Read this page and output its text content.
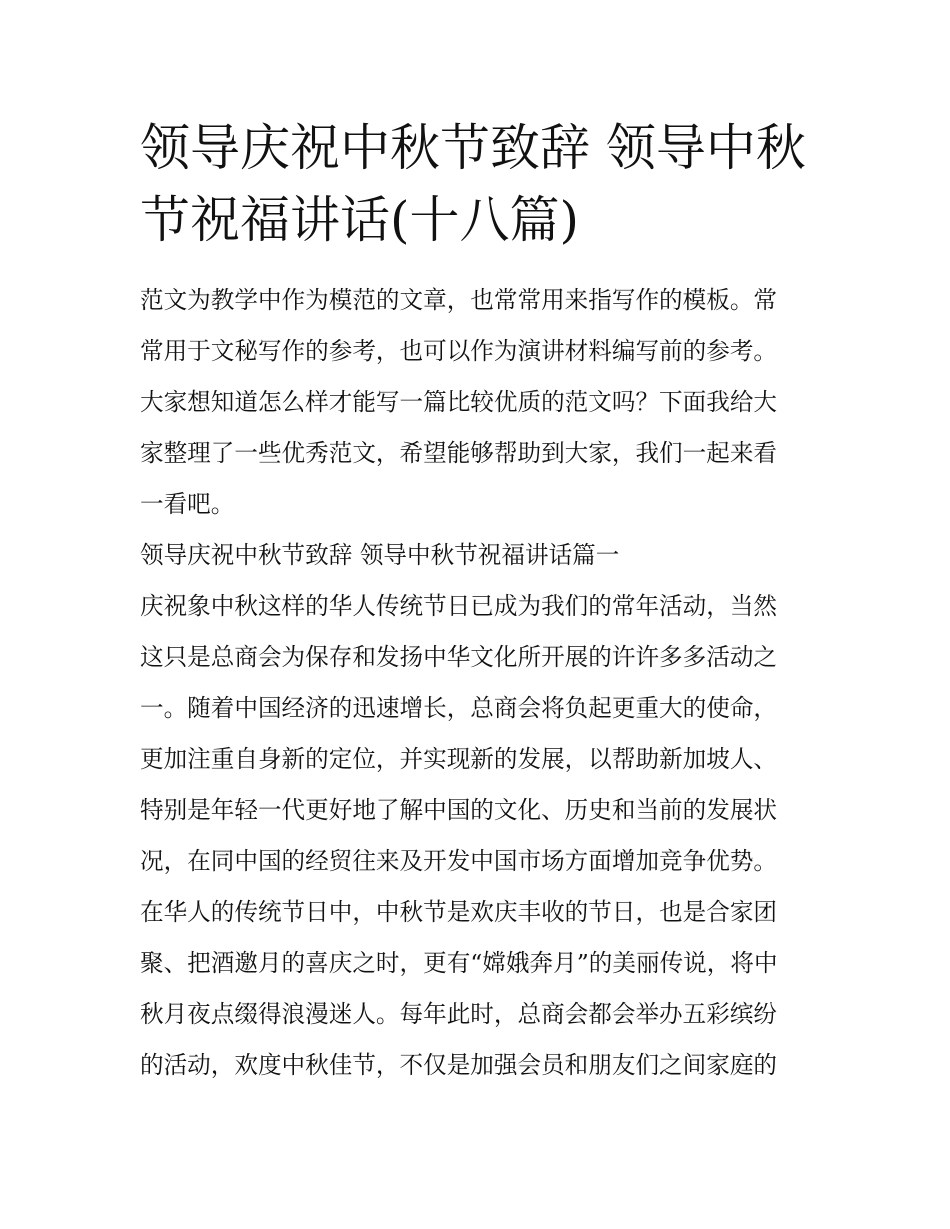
领导庆祝中秋节致辞 领导中秋
节祝福讲话(十八篇)
范文为教学中作为模范的文章，也常常用来指写作的模板。常
常用于文秘写作的参考，也可以作为演讲材料编写前的参考。
大家想知道怎么样才能写一篇比较优质的范文吗？下面我给大
家整理了一些优秀范文，希望能够帮助到大家，我们一起来看
一看吧。
领导庆祝中秋节致辞 领导中秋节祝福讲话篇一
庆祝象中秋这样的华人传统节日已成为我们的常年活动，当然
这只是总商会为保存和发扬中华文化所开展的许许多多活动之
一。随着中国经济的迅速增长，总商会将负起更重大的使命，
更加注重自身新的定位，并实现新的发展，以帮助新加坡人、
特别是年轻一代更好地了解中国的文化、历史和当前的发展状
况，在同中国的经贸往来及开发中国市场方面增加竞争优势。
在华人的传统节日中，中秋节是欢庆丰收的节日，也是合家团
聚、把酒邀月的喜庆之时，更有“嫦娥奔月”的美丽传说，将中
秋月夜点缀得浪漫迷人。每年此时，总商会都会举办五彩缤纷
的活动，欢度中秋佳节，不仅是加强会员和朋友们之间家庭的
